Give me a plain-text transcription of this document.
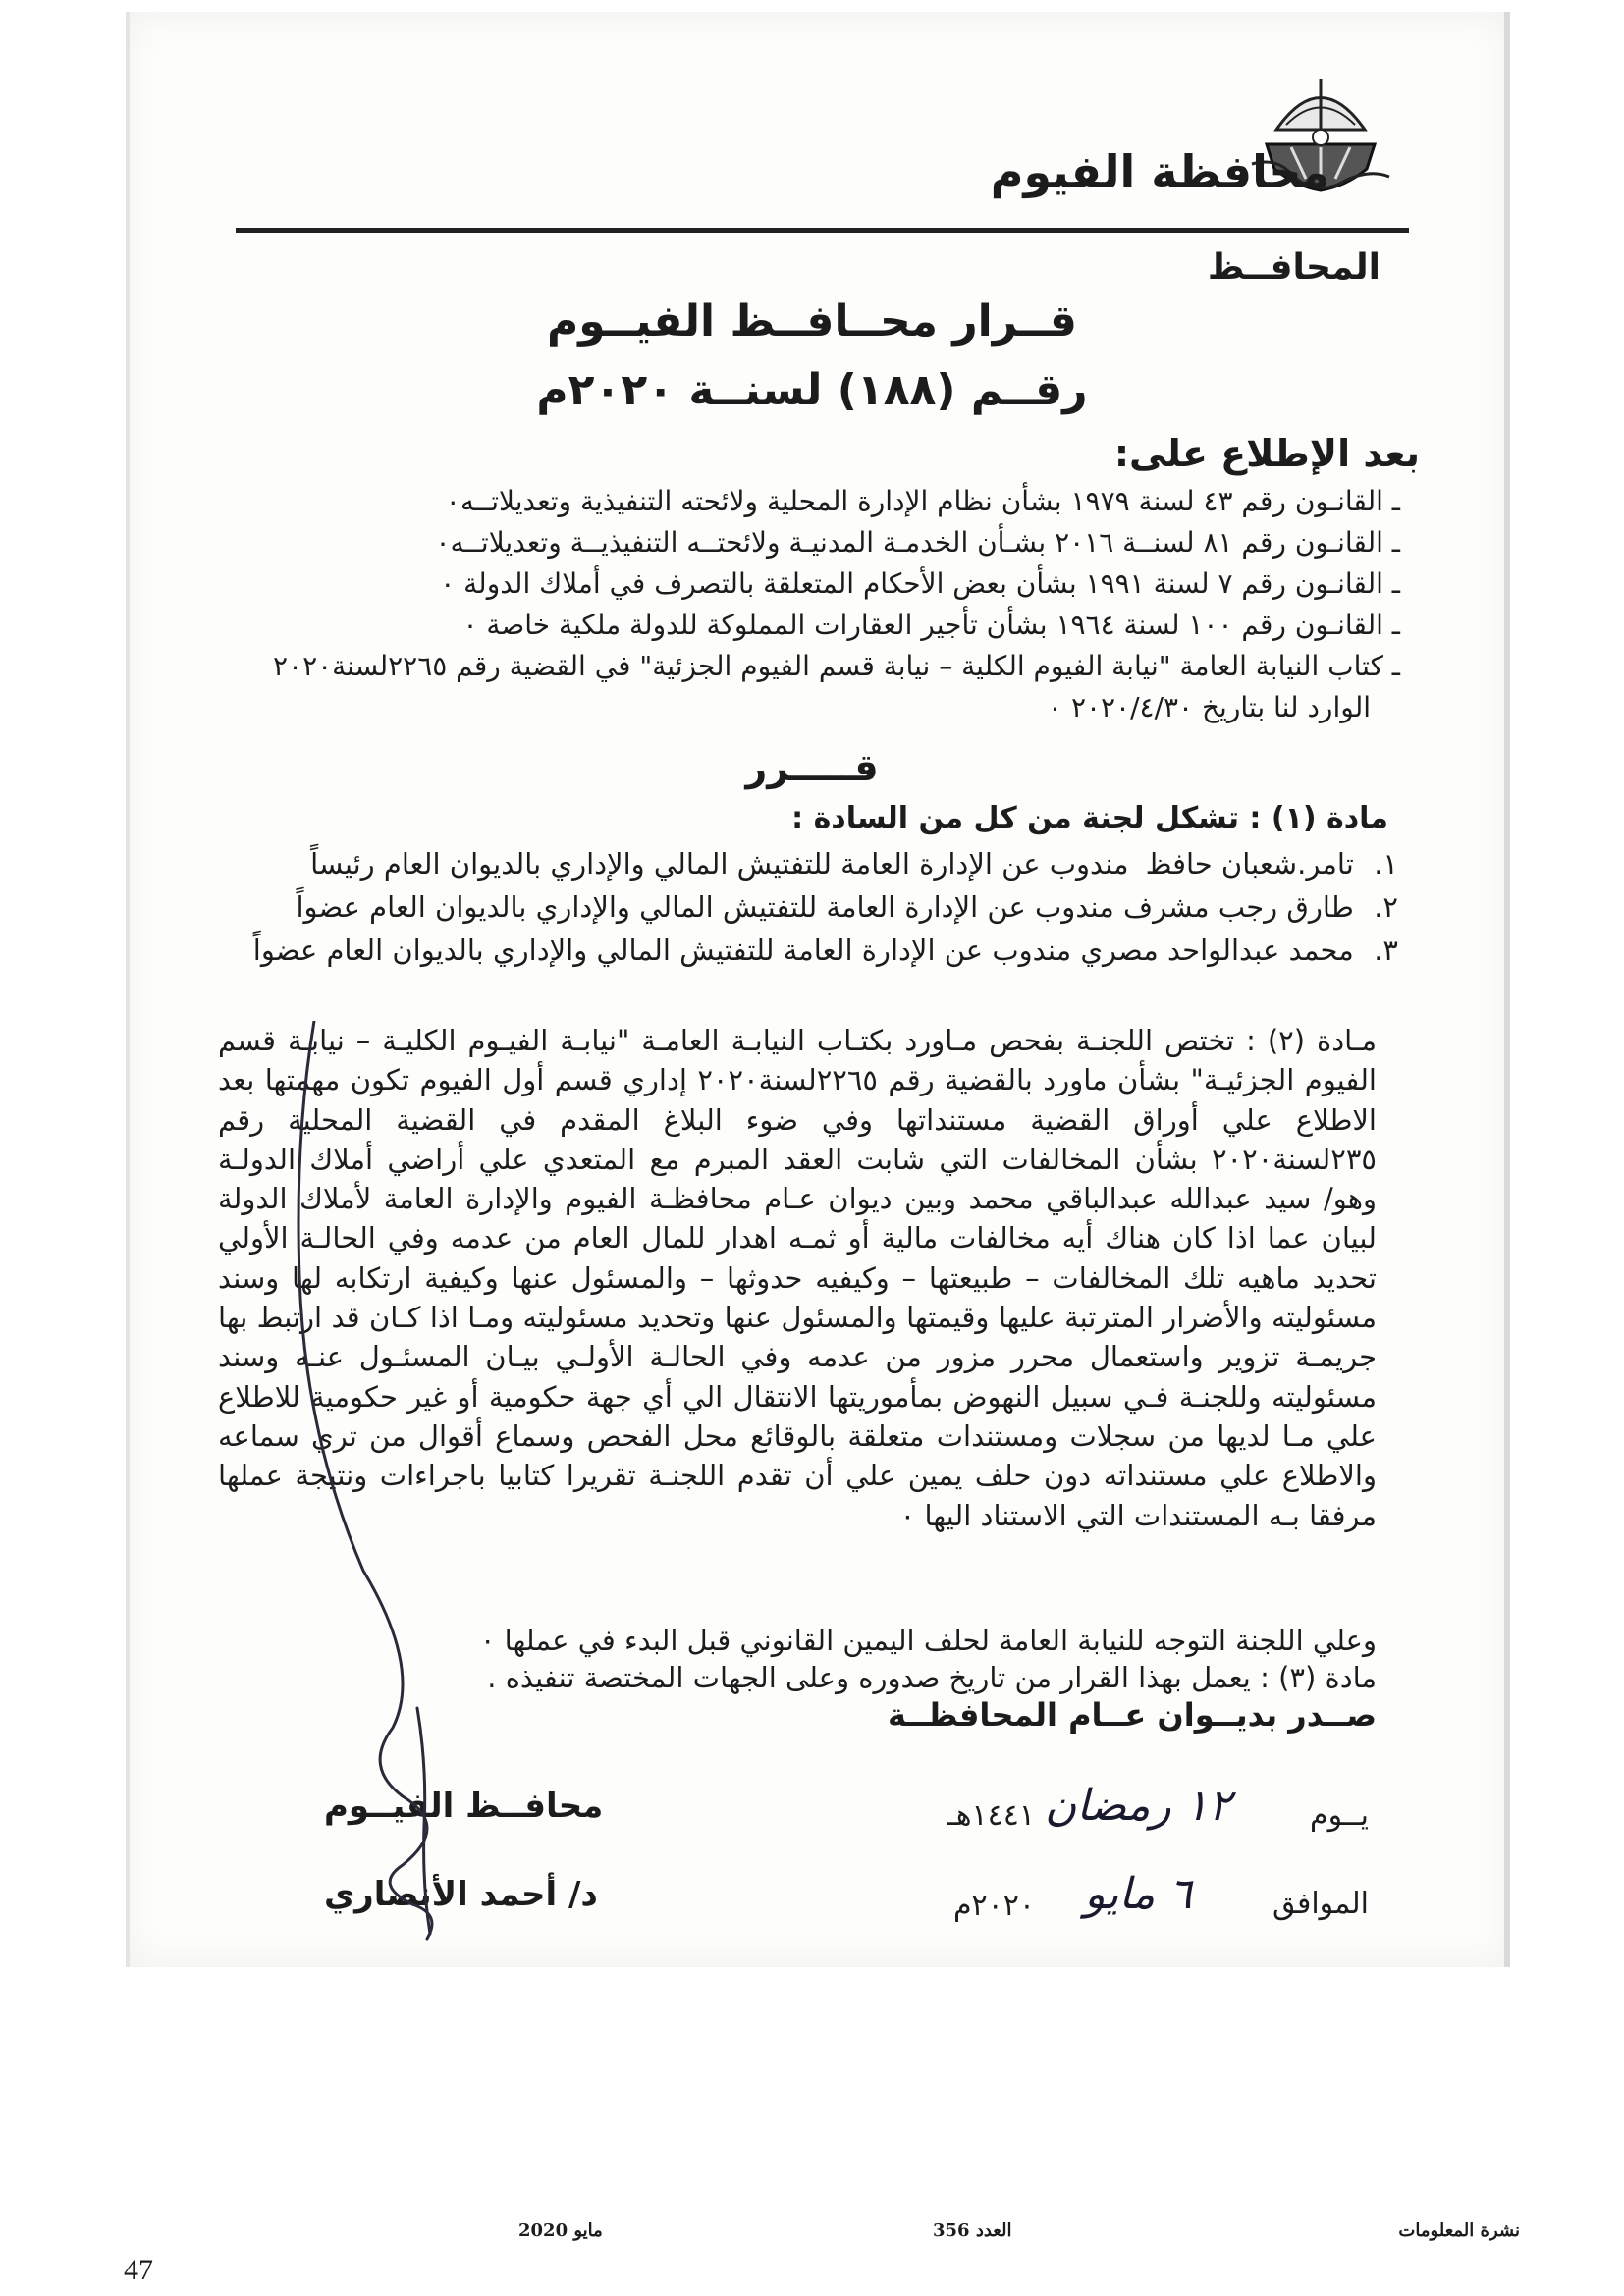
محافظة الفيوم
المحافــظ
قــرار محــافــظ الفيــوم
رقــم (١٨٨) لسنــة ٢٠٢٠م
بعد الإطلاع على:
ـ القانـون رقم ٤٣ لسنة ١٩٧٩ بشأن نظام الإدارة المحلية ولائحته التنفيذية وتعديلاتــه٠
ـ القانـون رقم ٨١ لسنــة ٢٠١٦ بشـأن الخدمـة المدنيـة ولائحتــه التنفيذيــة وتعديلاتــه٠
ـ القانـون رقم ٧ لسنة ١٩٩١ بشأن بعض الأحكام المتعلقة بالتصرف في أملاك الدولة ٠
ـ القانـون رقم ١٠٠ لسنة ١٩٦٤ بشأن تأجير العقارات المملوكة للدولة ملكية خاصة ٠
ـ كتاب النيابة العامة "نيابة الفيوم الكلية – نيابة قسم الفيوم الجزئية" في القضية رقم ٢٢٦٥لسنة٢٠٢٠
الوارد لنا بتاريخ ٢٠٢٠/٤/٣٠ ٠
قـــــرر
مادة (١) : تشكل لجنة من كل من السادة :
١. تامر.شعبان حافظ مندوب عن الإدارة العامة للتفتيش المالي والإداري بالديوان العام رئيساً
٢. طارق رجب مشرف مندوب عن الإدارة العامة للتفتيش المالي والإداري بالديوان العام عضواً
٣. محمد عبدالواحد مصري مندوب عن الإدارة العامة للتفتيش المالي والإداري بالديوان العام عضواً
مـادة (٢) : تختص اللجنـة بفحص مـاورد بكتـاب النيابـة العامـة "نيابـة الفيـوم الكليـة – نيابـة قسم الفيوم الجزئيـة" بشأن ماورد بالقضية رقم ٢٢٦٥لسنة٢٠٢٠ إداري قسم أول الفيوم تكون مهمتها بعد الاطلاع علي أوراق القضية مستنداتها وفي ضوء البلاغ المقدم في القضية المحلية رقم ٢٣٥لسنة٢٠٢٠ بشأن المخالفات التي شابت العقد المبرم مع المتعدي علي أراضي أملاك الدولـة وهو/ سيد عبدالله عبدالباقي محمد وبين ديوان عـام محافظـة الفيوم والإدارة العامة لأملاك الدولة لبيان عما اذا كان هناك أيه مخالفات مالية أو ثمـه اهدار للمال العام من عدمه وفي الحالـة الأولي تحديد ماهيه تلك المخالفات – طبيعتها – وكيفيه حدوثها – والمسئول عنها وكيفية ارتكابه لها وسند مسئوليته والأضرار المترتبة عليها وقيمتها والمسئول عنها وتحديد مسئوليته ومـا اذا كـان قد ارتبط بها جريمـة تزوير واستعمال محرر مزور من عدمه وفي الحالـة الأولـي بيـان المسئـول عنـه وسند مسئوليته وللجنـة فـي سبيل النهوض بمأموريتها الانتقال الي أي جهة حكومية أو غير حكومية للاطلاع علي مـا لديها من سجلات ومستندات متعلقة بالوقائع محل الفحص وسماع أقوال من تري سماعه والاطلاع علي مستنداته دون حلف يمين علي أن تقدم اللجنـة تقريرا كتابيا باجراءات ونتيجة عملها مرفقا بـه المستندات التي الاستناد اليها ٠
وعلي اللجنة التوجه للنيابة العامة لحلف اليمين القانوني قبل البدء في عملها ٠
مادة (٣) : يعمل بهذا القرار من تاريخ صدوره وعلى الجهات المختصة تنفيذه .
صــدر بديــوان عــام المحافظــة
يــوم
١٢ رمضان
١٤٤١هـ
الموافق
٦ مايو
٢٠٢٠م
محافــظ الفيــوم
د/ أحمد الأنصاري
نشرة المعلومات
العدد 356
مايو 2020
47
